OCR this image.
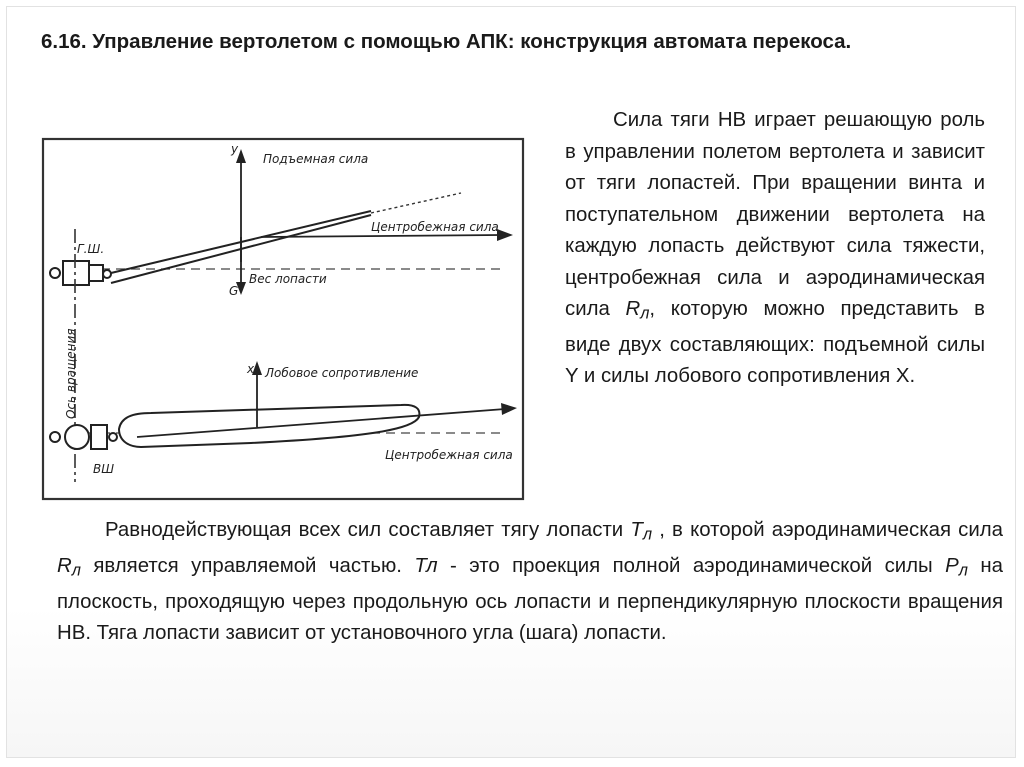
6.16. Управление вертолетом с помощью АПК: конструкция автомата перекоса.
y
Подъемная сила
Центробежная сила
Г.Ш.
Вес лопасти
G
Ось вращения	x Лобовое сопротивление
Центробежная сила
ВШ

Сила тяги НВ играет решающую роль в управлении полетом вертолета и зависит от тяги лопастей. При вращении винта и поступательном движении вертолета на каждую лопасть действуют сила тяжести, центробежная сила и аэродинамическая сила Rл, которую можно представить в виде двух составляющих: подъемной силы Y и силы лобового сопротивления X.

Равнодействующая всех сил составляет тягу лопасти Tл , в которой аэродинамическая сила Rл является управляемой частью. Тл - это проекция полной аэродинамической силы Рл на плоскость, проходящую через продольную ось лопасти и перпендикулярную плоскости вращения НВ. Тяга лопасти зависит от установочного угла (шага) лопасти.
